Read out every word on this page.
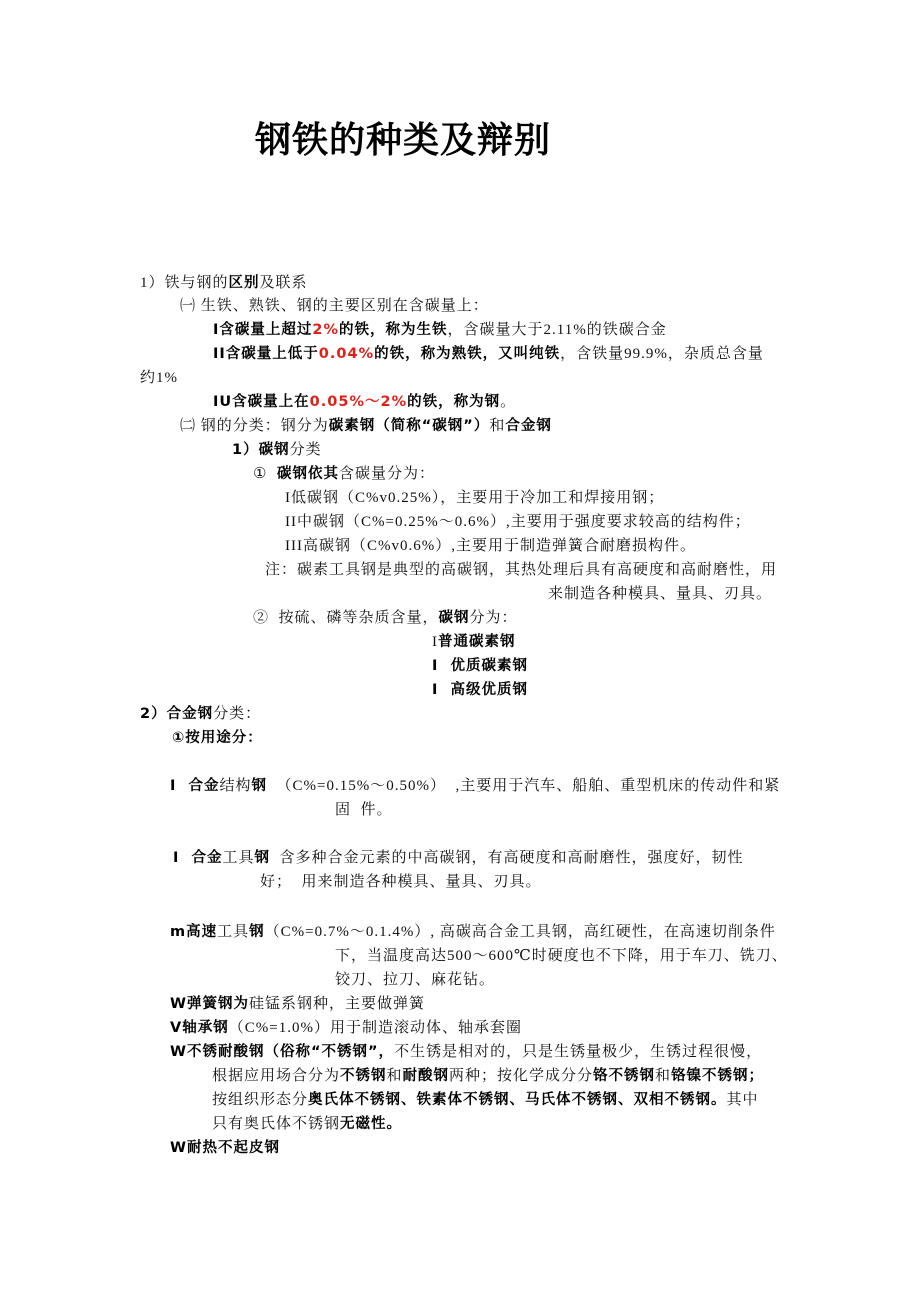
钢铁的种类及辩别
1）铁与钢的区别及联系
㈠ 生铁、熟铁、钢的主要区别在含碳量上：
I含碳量上超过2%的铁，称为生铁，含碳量大于2.11%的铁碳合金
II含碳量上低于0.04%的铁，称为熟铁，又叫纯铁，含铁量99.9%，杂质总含量
约1%
IU含碳量上在0.05%～2%的铁，称为钢。
㈡ 钢的分类：钢分为碳素钢（简称“碳钢”）和合金钢
1）碳钢分类
①  碳钢依其含碳量分为：
I低碳钢（C%v0.25%），主要用于冷加工和焊接用钢；
II中碳钢（C%=0.25%～0.6%）,主要用于强度要求较高的结构件；
III高碳钢（C%v0.6%）,主要用于制造弹簧合耐磨损构件。
注：碳素工具钢是典型的高碳钢，其热处理后具有高硬度和高耐磨性，用
来制造各种模具、量具、刃具。
②  按硫、磷等杂质含量，碳钢分为：
I普通碳素钢
I  优质碳素钢
I  高级优质钢
2）合金钢分类：
①按用途分：
I  合金结构钢  （C%=0.15%～0.50%）  ,主要用于汽车、船舶、重型机床的传动件和紧
固  件。
I  合金工具钢  含多种合金元素的中高碳钢，有高硬度和高耐磨性，强度好，韧性
好；  用来制造各种模具、量具、刃具。
m高速工具钢（C%=0.7%～0.1.4%）, 高碳高合金工具钢，高红硬性，在高速切削条件
下，当温度高达500～600℃时硬度也不下降，用于车刀、铣刀、
铰刀、拉刀、麻花钻。
W弹簧钢为硅锰系钢种，主要做弹簧
V轴承钢（C%=1.0%）用于制造滚动体、轴承套圈
W不锈耐酸钢（俗称“不锈钢”，不生锈是相对的，只是生锈量极少，生锈过程很慢，
根据应用场合分为不锈钢和耐酸钢两种；按化学成分分铬不锈钢和铬镍不锈钢；
按组织形态分奥氏体不锈钢、铁素体不锈钢、马氏体不锈钢、双相不锈钢。其中
只有奥氏体不锈钢无磁性。
W耐热不起皮钢
